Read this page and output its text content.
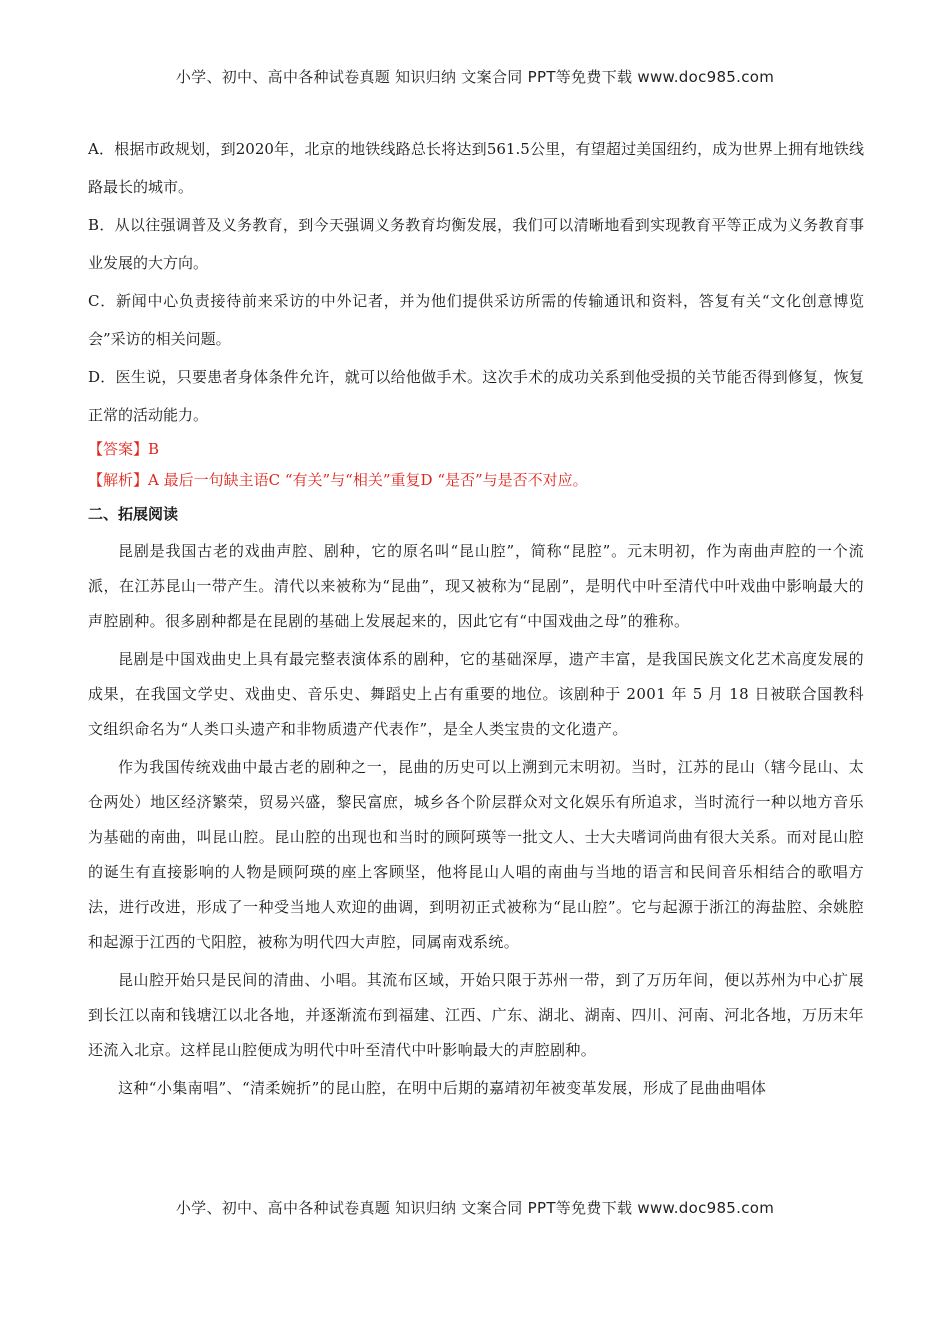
小学、初中、高中各种试卷真题 知识归纳 文案合同 PPT等免费下载 www.doc985.com

A．根据市政规划，到2020年，北京的地铁线路总长将达到561.5公里，有望超过美国纽约，成为世界上拥有地铁线路最长的城市。

B．从以往强调普及义务教育，到今天强调义务教育均衡发展，我们可以清晰地看到实现教育平等正成为义务教育事业发展的大方向。

C．新闻中心负责接待前来采访的中外记者，并为他们提供采访所需的传输通讯和资料，答复有关“文化创意博览会”采访的相关问题。

D．医生说，只要患者身体条件允许，就可以给他做手术。这次手术的成功关系到他受损的关节能否得到修复，恢复正常的活动能力。

【答案】B

【解析】A 最后一句缺主语C “有关”与“相关”重复D “是否”与是否不对应。

二、拓展阅读

昆剧是我国古老的戏曲声腔、剧种，它的原名叫“昆山腔”，简称“昆腔”。元末明初，作为南曲声腔的一个流派，在江苏昆山一带产生。清代以来被称为“昆曲”，现又被称为“昆剧”，是明代中叶至清代中叶戏曲中影响最大的声腔剧种。很多剧种都是在昆剧的基础上发展起来的，因此它有“中国戏曲之母”的雅称。

昆剧是中国戏曲史上具有最完整表演体系的剧种，它的基础深厚，遗产丰富，是我国民族文化艺术高度发展的成果，在我国文学史、戏曲史、音乐史、舞蹈史上占有重要的地位。该剧种于 2001 年 5 月 18 日被联合国教科文组织命名为“人类口头遗产和非物质遗产代表作”，是全人类宝贵的文化遗产。

作为我国传统戏曲中最古老的剧种之一，昆曲的历史可以上溯到元末明初。当时，江苏的昆山（辖今昆山、太仓两处）地区经济繁荣，贸易兴盛，黎民富庶，城乡各个阶层群众对文化娱乐有所追求，当时流行一种以地方音乐为基础的南曲，叫昆山腔。昆山腔的出现也和当时的顾阿瑛等一批文人、士大夫嗜词尚曲有很大关系。而对昆山腔的诞生有直接影响的人物是顾阿瑛的座上客顾坚，他将昆山人唱的南曲与当地的语言和民间音乐相结合的歌唱方法，进行改进，形成了一种受当地人欢迎的曲调，到明初正式被称为“昆山腔”。它与起源于浙江的海盐腔、余姚腔和起源于江西的弋阳腔，被称为明代四大声腔，同属南戏系统。

昆山腔开始只是民间的清曲、小唱。其流布区域，开始只限于苏州一带，到了万历年间，便以苏州为中心扩展到长江以南和钱塘江以北各地，并逐渐流布到福建、江西、广东、湖北、湖南、四川、河南、河北各地，万历末年还流入北京。这样昆山腔便成为明代中叶至清代中叶影响最大的声腔剧种。

这种“小集南唱”、“清柔婉折”的昆山腔，在明中后期的嘉靖初年被变革发展，形成了昆曲曲唱体

小学、初中、高中各种试卷真题 知识归纳 文案合同 PPT等免费下载 www.doc985.com
